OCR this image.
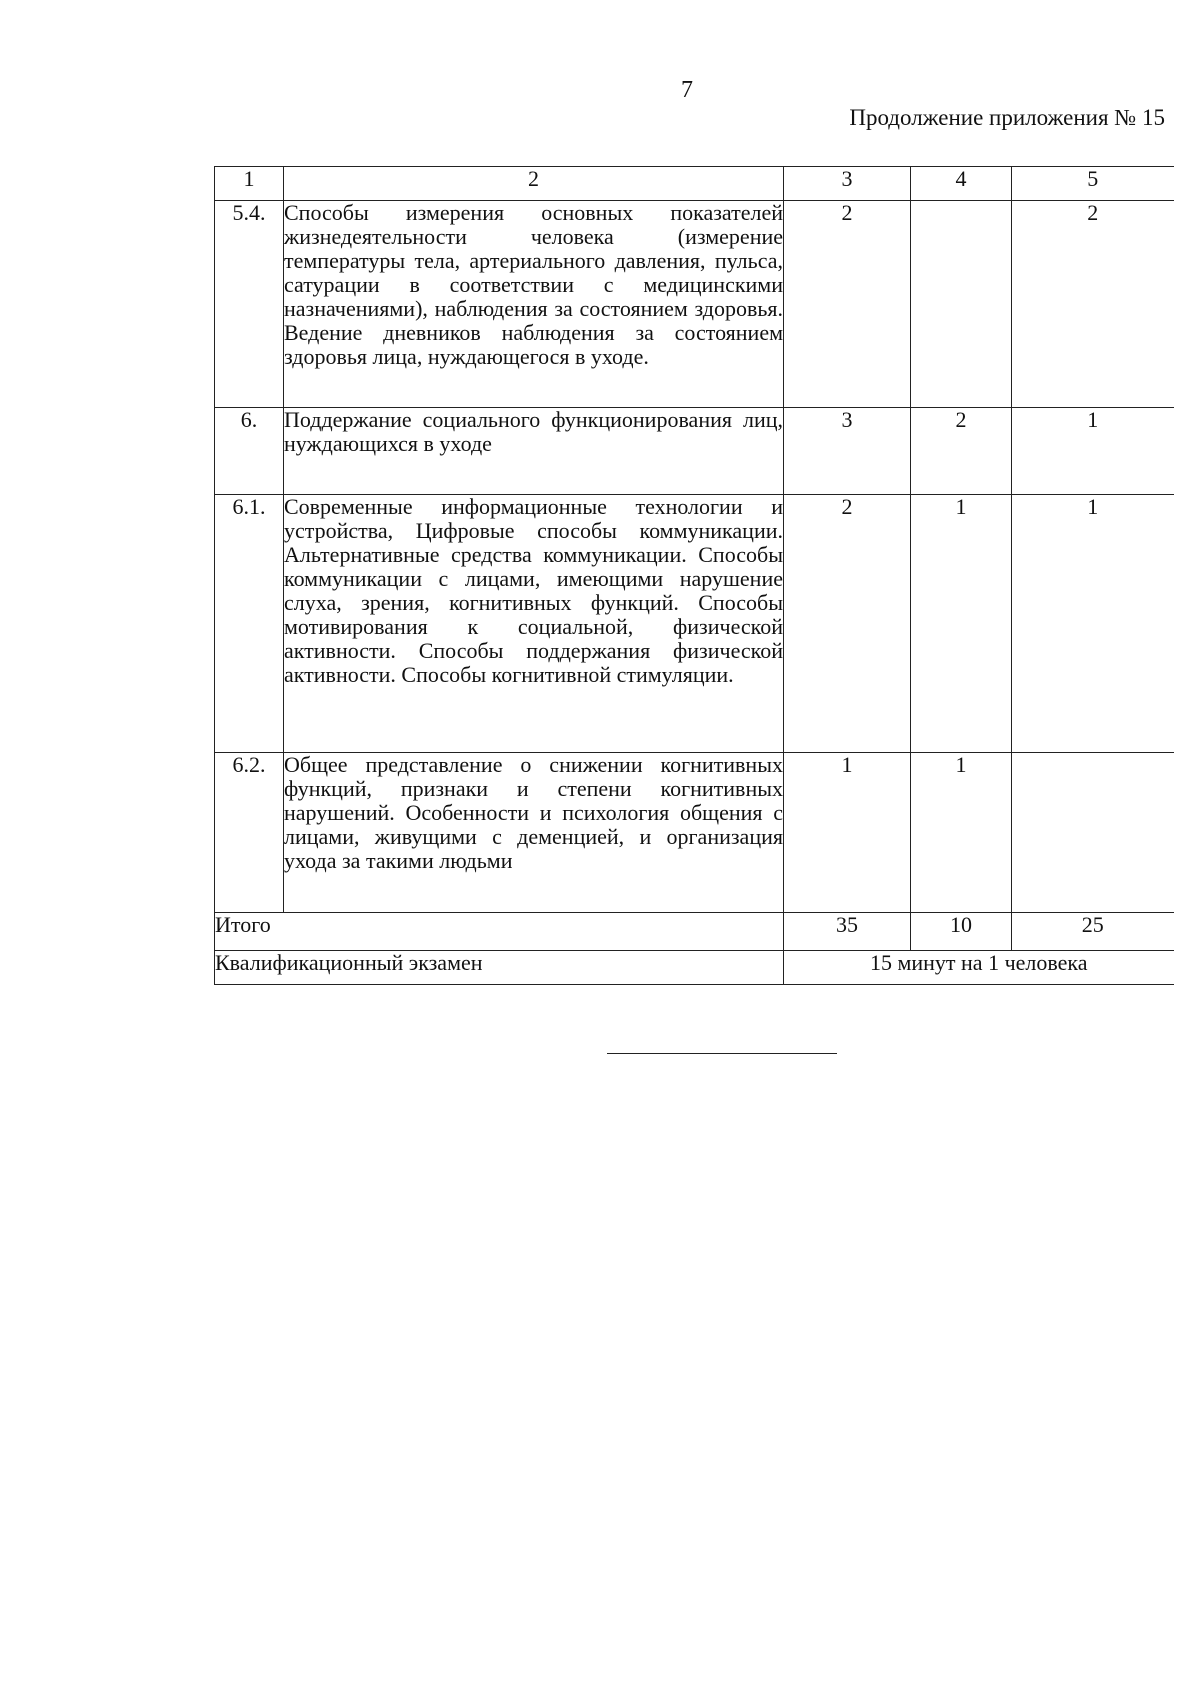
7
Продолжение приложения № 15
1	2	3	4	5
5.4.	Способы измерения основных показателей жизнедеятельности человека (измерение температуры тела, артериального давления, пульса, сатурации в соответствии с медицинскими назначениями), наблюдения за состоянием здоровья. Ведение дневников наблюдения за состоянием здоровья лица, нуждающегося в уходе.	2		2
6.	Поддержание социального функционирования лиц, нуждающихся в уходе	3	2	1
6.1.	Современные информационные технологии и устройства, Цифровые способы коммуникации. Альтернативные средства коммуникации. Способы коммуникации с лицами, имеющими нарушение слуха, зрения, когнитивных функций. Способы мотивирования к социальной, физической активности. Способы поддержания физической активности. Способы когнитивной стимуляции.	2	1	1
6.2.	Общее представление о снижении когнитивных функций, признаки и степени когнитивных нарушений. Особенности и психология общения с лицами, живущими с деменцией, и организация ухода за такими людьми	1	1	
Итого		35	10	25
Квалификационный экзамен		15 минут на 1 человека		
